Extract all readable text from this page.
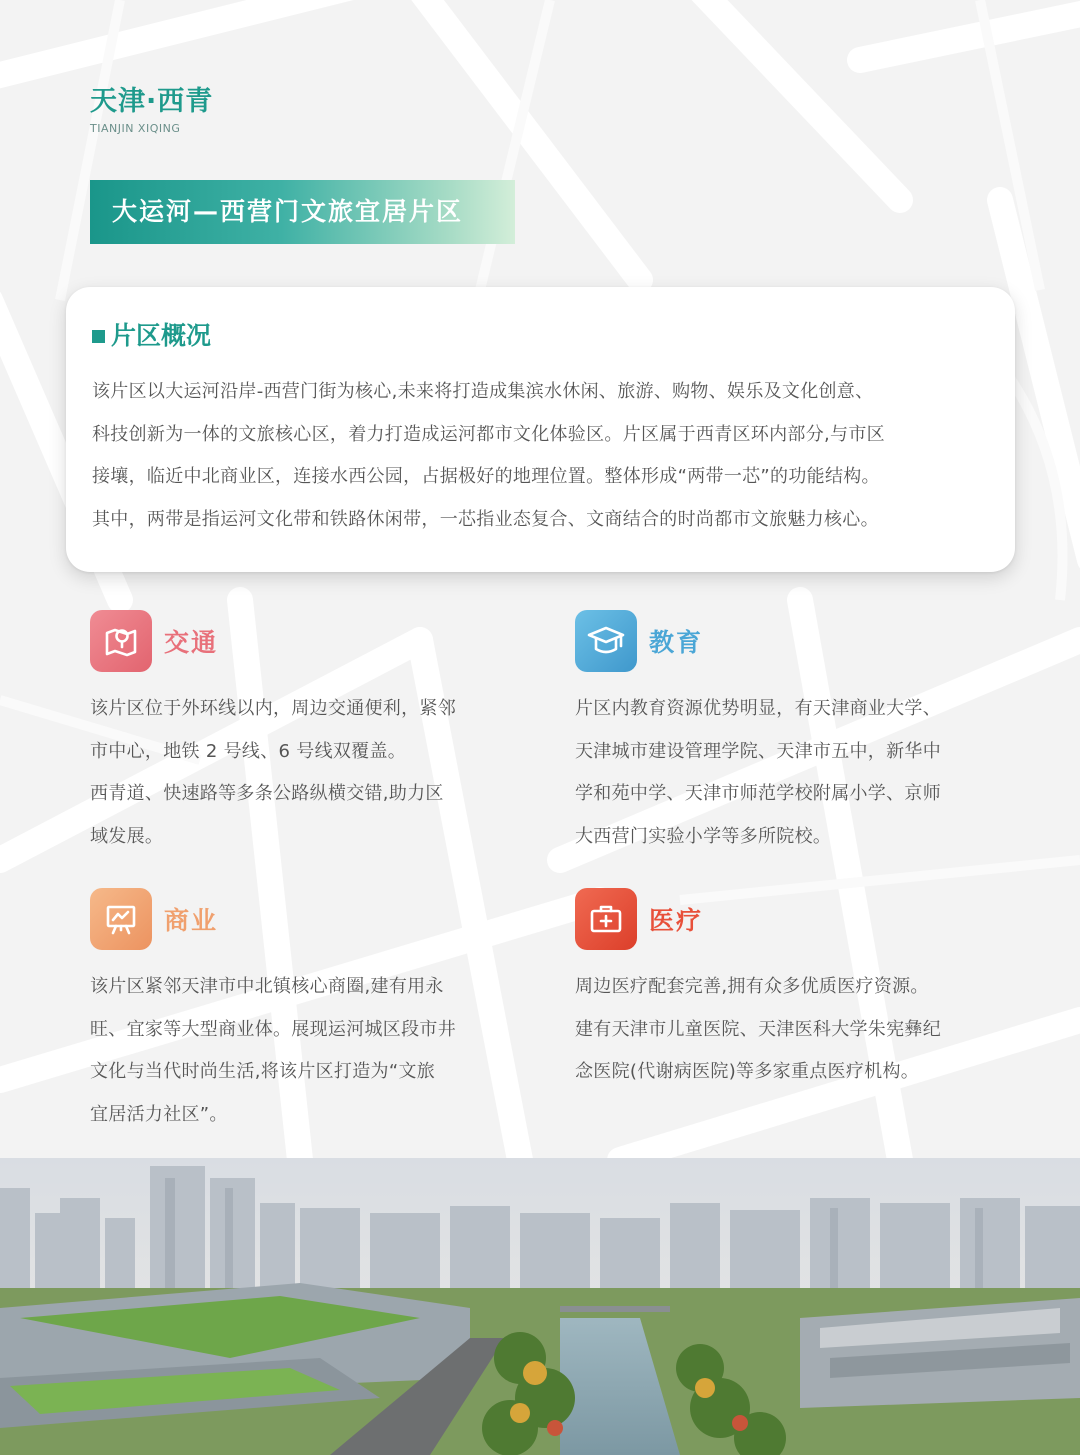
天津·西青
TIANJIN XIQING
大运河—西营门文旅宜居片区
片区概况
该片区以大运河沿岸-西营门街为核心,未来将打造成集滨水休闲、旅游、购物、娱乐及文化创意、
科技创新为一体的文旅核心区，着力打造成运河都市文化体验区。片区属于西青区环内部分,与市区
接壤，临近中北商业区，连接水西公园，占据极好的地理位置。整体形成“两带一芯”的功能结构。
其中，两带是指运河文化带和铁路休闲带，一芯指业态复合、文商结合的时尚都市文旅魅力核心。
交通
该片区位于外环线以内，周边交通便利，紧邻
市中心，地铁 2 号线、6 号线双覆盖。
西青道、快速路等多条公路纵横交错,助力区
域发展。
教育
片区内教育资源优势明显，有天津商业大学、
天津城市建设管理学院、天津市五中，新华中
学和苑中学、天津市师范学校附属小学、京师
大西营门实验小学等多所院校。
商业
该片区紧邻天津市中北镇核心商圈,建有用永
旺、宜家等大型商业体。展现运河城区段市井
文化与当代时尚生活,将该片区打造为“文旅
宜居活力社区”。
医疗
周边医疗配套完善,拥有众多优质医疗资源。
建有天津市儿童医院、天津医科大学朱宪彝纪
念医院(代谢病医院)等多家重点医疗机构。
